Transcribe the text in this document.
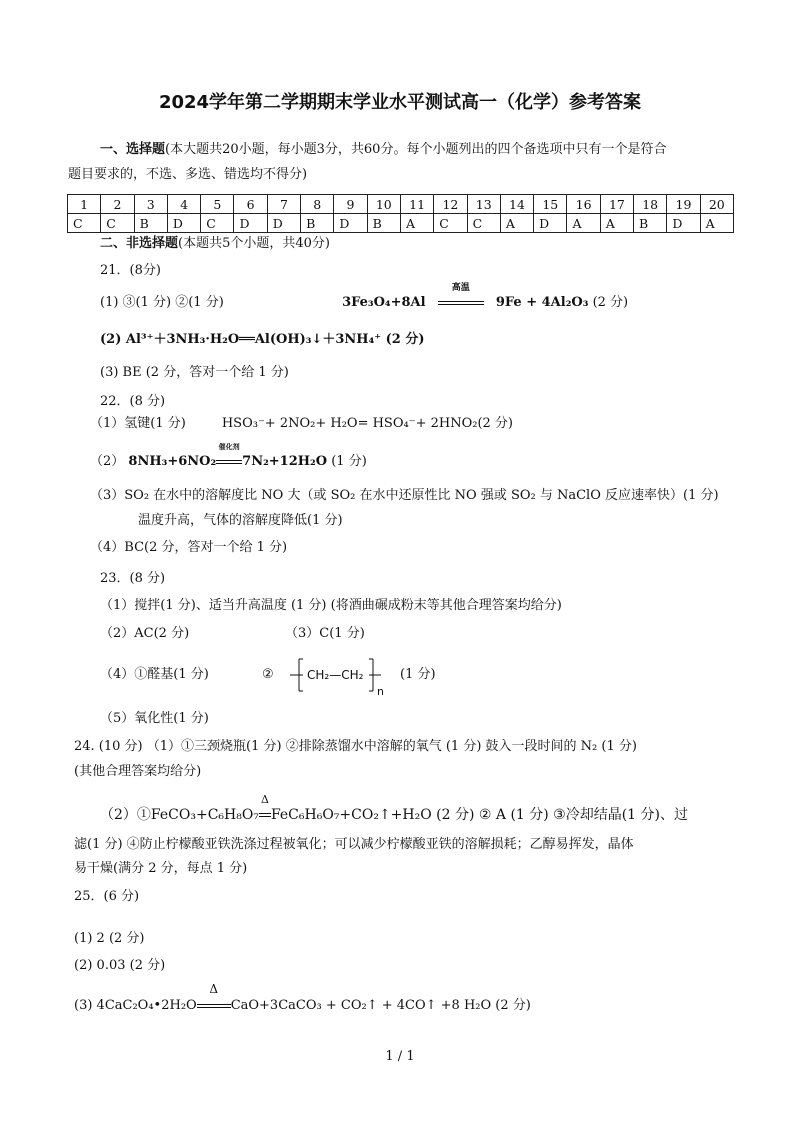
2024学年第二学期期末学业水平测试高一（化学）参考答案
一、选择题(本大题共20小题，每小题3分，共60分。每个小题列出的四个备选项中只有一个是符合
题目要求的，不选、多选、错选均不得分)
1	2	3	4	5	6	7	8	9	10	11	12	13	14	15	16	17	18	19	20
C	C	B	D	C	D	D	B	D	B	A	C	C	A	D	A	A	B	D	A
二、非选择题(本题共5个小题，共40分)
21．(8分)
(1) ③(1 分) ②(1 分)	3Fe₃O₄+8Al
高温
9Fe + 4Al₂O₃ (2 分)
(2) Al³⁺＋3NH₃·H₂O══Al(OH)₃↓＋3NH₄⁺ (2 分)
(3) BE (2 分，答对一个给 1 分)
22．(8 分)
（1）氢键(1 分)	HSO₃⁻+ 2NO₂+ H₂O= HSO₄⁻+ 2HNO₂(2 分)
（2） 8NH₃+6NO₂
催化剂
7N₂+12H₂O (1 分)
（3）SO₂ 在水中的溶解度比 NO 大（或 SO₂ 在水中还原性比 NO 强或 SO₂ 与 NaClO 反应速率快）(1 分)
温度升高，气体的溶解度降低(1 分)
（4）BC(2 分，答对一个给 1 分)
23．(8 分)
（1）搅拌(1 分)、适当升高温度 (1 分) (将酒曲碾成粉末等其他合理答案均给分)
（2）AC(2 分)	（3）C(1 分)
（4）①醛基(1 分)	②	CH₂—CH₂
n
(1 分)
（5）氧化性(1 分)
24. (10 分) （1）①三颈烧瓶(1 分) ②排除蒸馏水中溶解的氧气 (1 分) 鼓入一段时间的 N₂ (1 分)
(其他合理答案均给分)
（2）①FeCO₃+C₆H₈O₇
Δ
FeC₆H₆O₇+CO₂↑+H₂O (2 分) ② A (1 分) ③冷却结晶(1 分)、过
滤(1 分) ④防止柠檬酸亚铁洗涤过程被氧化；可以减少柠檬酸亚铁的溶解损耗；乙醇易挥发，晶体
易干燥(满分 2 分，每点 1 分)
25．(6 分)
(1) 2 (2 分)
(2) 0.03 (2 分)
(3) 4CaC₂O₄•2H₂O
Δ
CaO+3CaCO₃ + CO₂↑ + 4CO↑ +8 H₂O (2 分)
1 / 1
